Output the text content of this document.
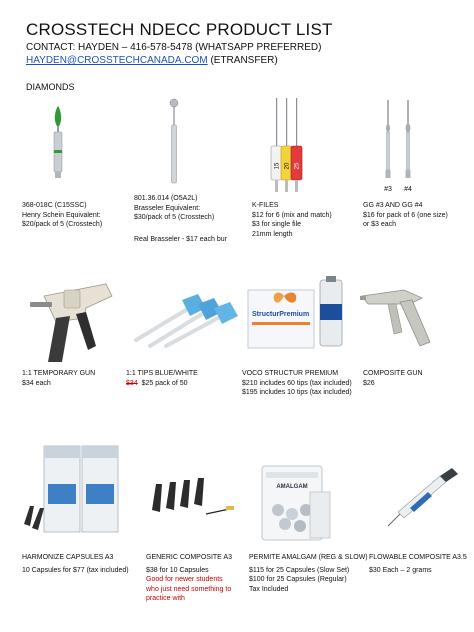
CROSSTECH NDECC PRODUCT LIST
CONTACT: HAYDEN – 416-578-5478 (WHATSAPP PREFERRED)
HAYDEN@CROSSTECHCANADA.COM (ETRANSFER)
DIAMONDS
15 20 25
#3 #4
368-018C (C15SSC)
Henry Schein Equivalent:
$20/pack of 5 (Crosstech)
801.36.014 (O5A2L)
Brasseler Equivalent:
$30/pack of 5 (Crosstech)
Real Brasseler - $17 each bur
K-FILES
$12 for 6 (mix and match)
$3 for single file
21mm length
GG #3 AND GG #4
$16 for pack of 6 (one size)
or $3 each
StructurPremium
1:1 TEMPORARY GUN
$34 each
1:1 TIPS BLUE/WHITE
$34 $25 pack of 50
VOCO STRUCTUR PREMIUM
$210 includes 60 tips (tax included)
$195 includes 10 tips (tax included)
COMPOSITE GUN
$26
AMALGAM
HARMONIZE CAPSULES A3
10 Capsules for $77 (tax included)
GENERIC COMPOSITE A3
$38 for 10 Capsules
Good for newer students
who just need something to
practice with
PERMITE AMALGAM (REG & SLOW)
$115 for 25 Capsules (Slow Set)
$100 for 25 Capsules (Regular)
Tax Included
FLOWABLE COMPOSITE A3.5
$30 Each – 2 grams
